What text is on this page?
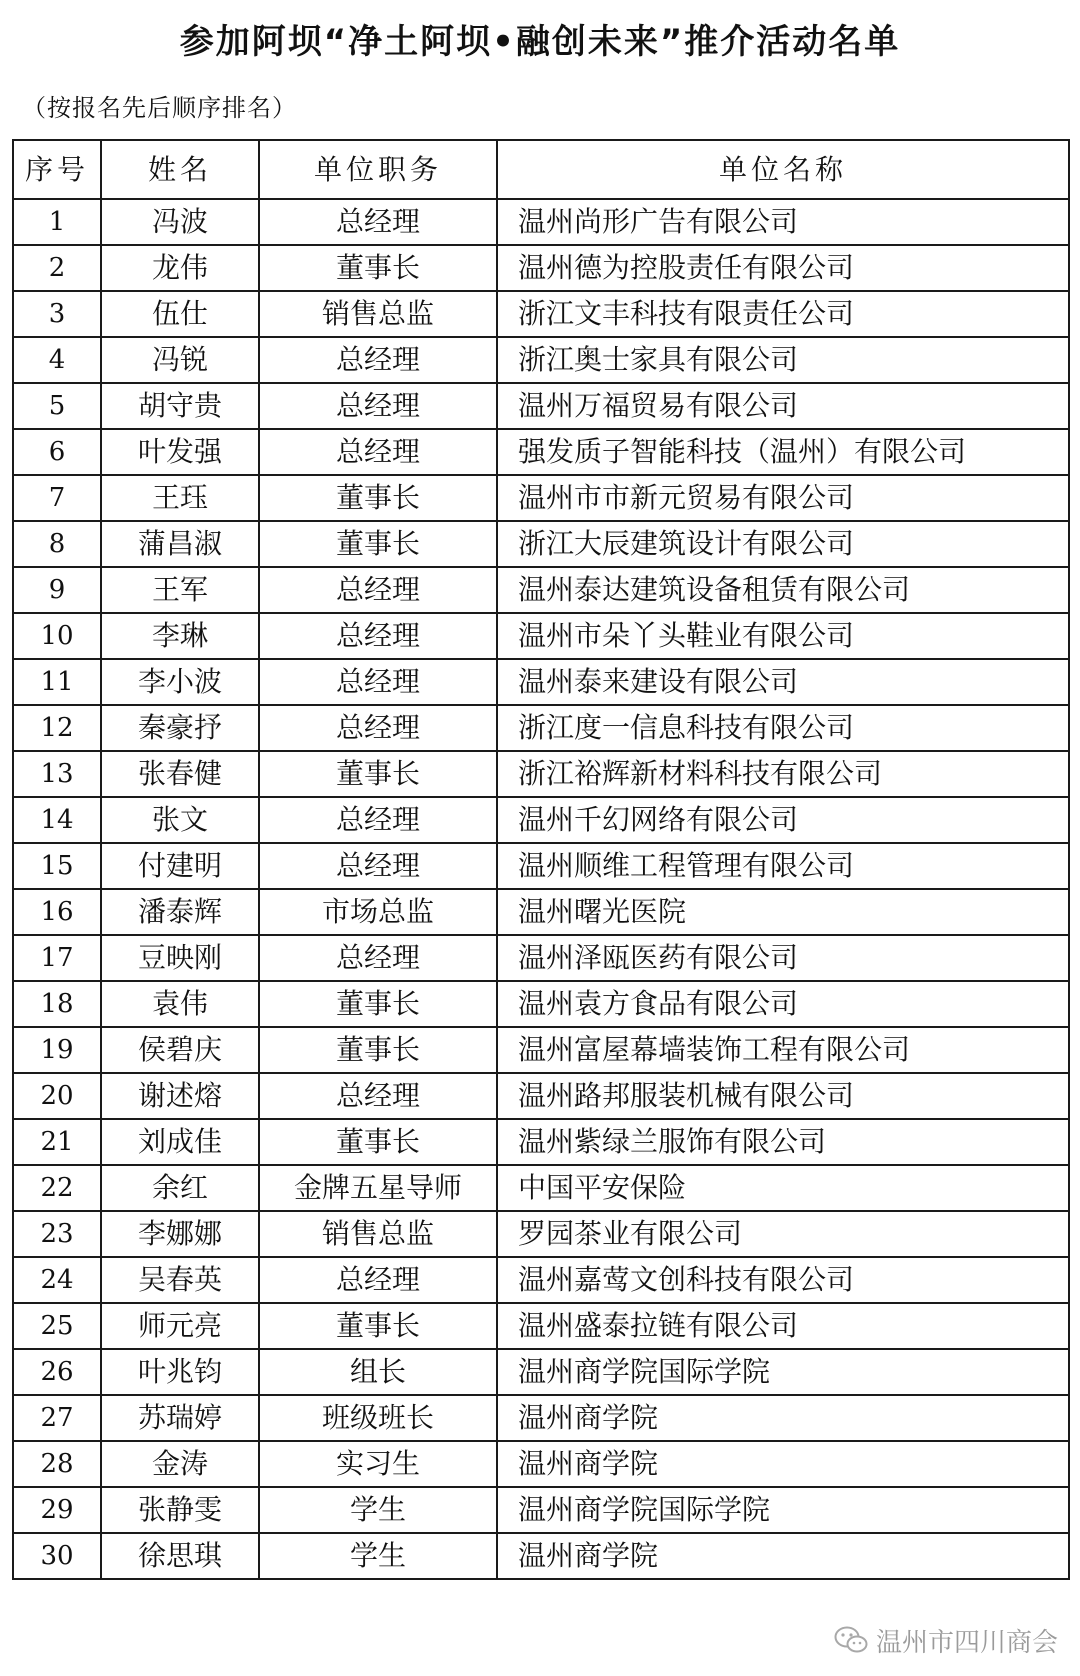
参加阿坝“净土阿坝•融创未来”推介活动名单
（按报名先后顺序排名）
序号	姓名	单位职务	单位名称
1	冯波	总经理	温州尚形广告有限公司
2	龙伟	董事长	温州德为控股责任有限公司
3	伍仕	销售总监	浙江文丰科技有限责任公司
4	冯锐	总经理	浙江奥士家具有限公司
5	胡守贵	总经理	温州万福贸易有限公司
6	叶发强	总经理	强发质子智能科技（温州）有限公司
7	王珏	董事长	温州市市新元贸易有限公司
8	蒲昌淑	董事长	浙江大辰建筑设计有限公司
9	王军	总经理	温州泰达建筑设备租赁有限公司
10	李琳	总经理	温州市朵丫头鞋业有限公司
11	李小波	总经理	温州泰来建设有限公司
12	秦豪抒	总经理	浙江度一信息科技有限公司
13	张春健	董事长	浙江裕辉新材料科技有限公司
14	张文	总经理	温州千幻网络有限公司
15	付建明	总经理	温州顺维工程管理有限公司
16	潘泰辉	市场总监	温州曙光医院
17	豆映刚	总经理	温州泽瓯医药有限公司
18	袁伟	董事长	温州袁方食品有限公司
19	侯碧庆	董事长	温州富屋幕墙装饰工程有限公司
20	谢述熔	总经理	温州路邦服装机械有限公司
21	刘成佳	董事长	温州紫绿兰服饰有限公司
22	余红	金牌五星导师	中国平安保险
23	李娜娜	销售总监	罗园茶业有限公司
24	吴春英	总经理	温州嘉莺文创科技有限公司
25	师元亮	董事长	温州盛泰拉链有限公司
26	叶兆钧	组长	温州商学院国际学院
27	苏瑞婷	班级班长	温州商学院
28	金涛	实习生	温州商学院
29	张静雯	学生	温州商学院国际学院
30	徐思琪	学生	温州商学院
温州市四川商会
